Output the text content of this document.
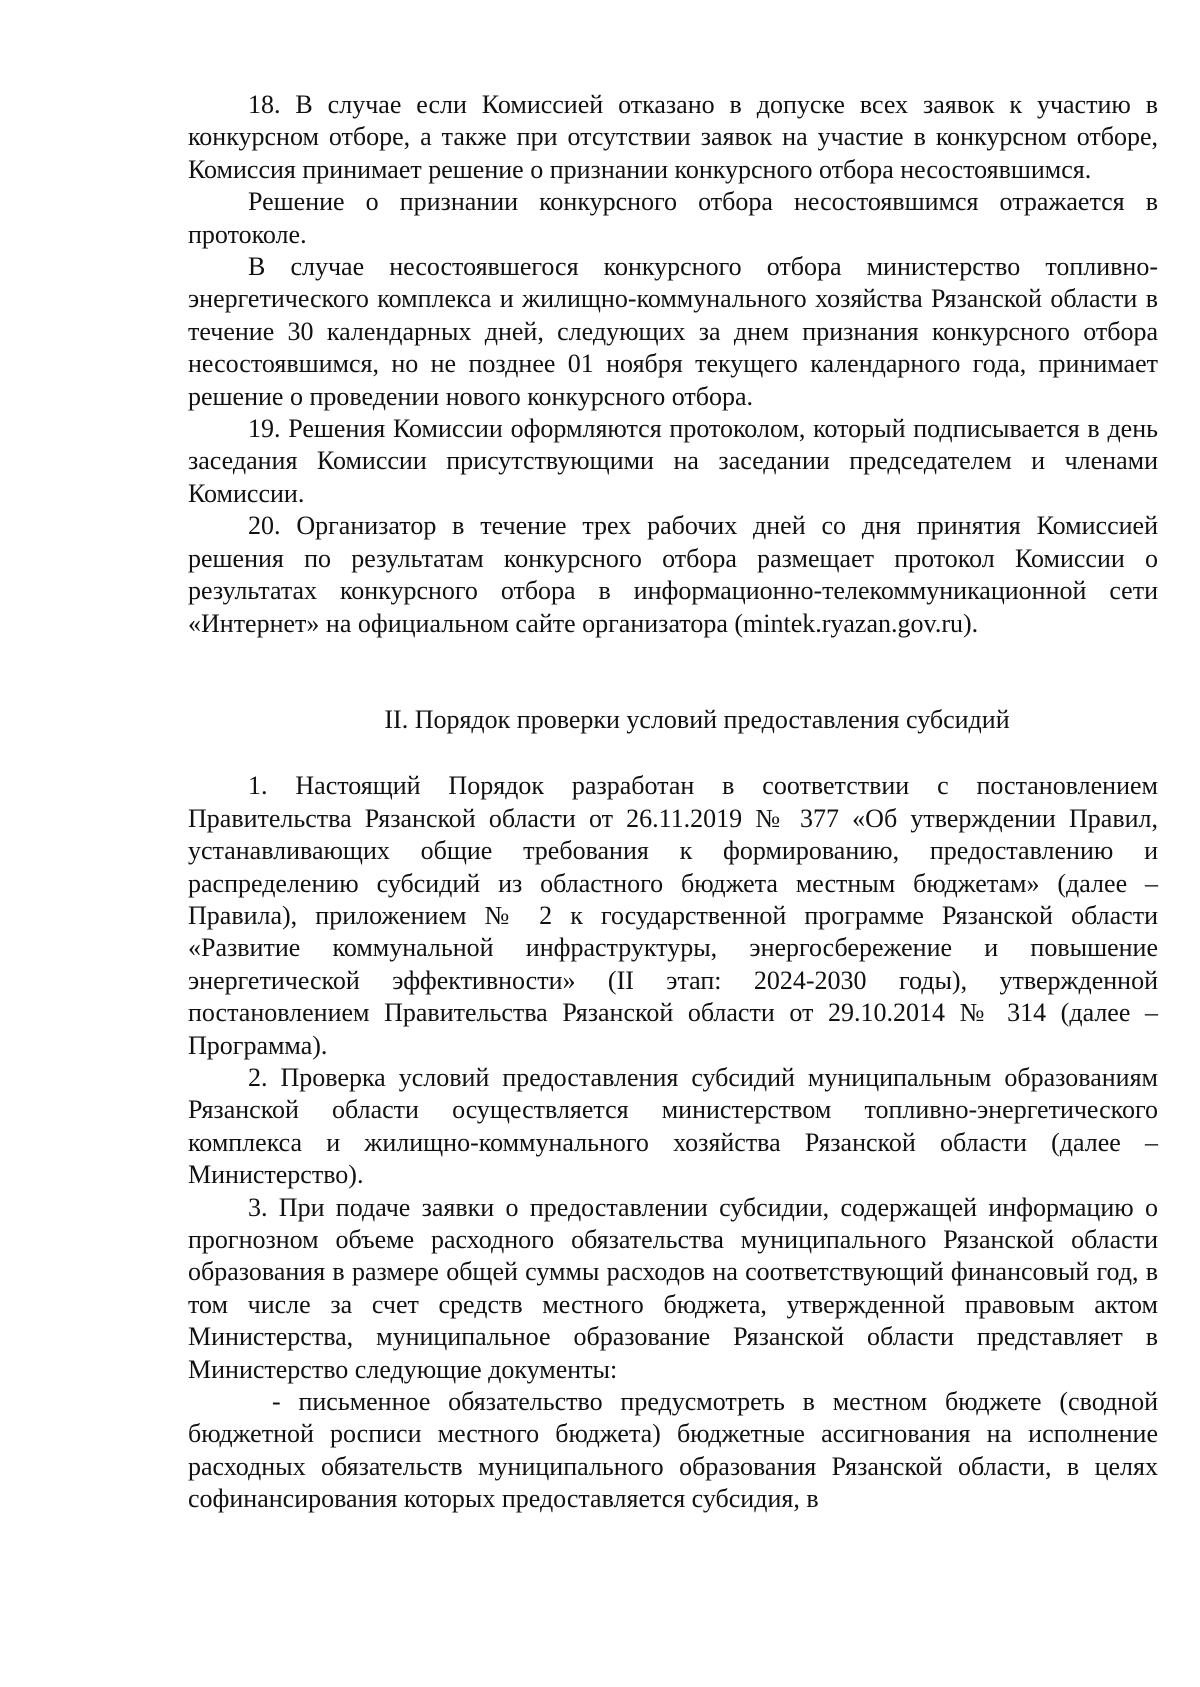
18. В случае если Комиссией отказано в допуске всех заявок к участию в конкурсном отборе, а также при отсутствии заявок на участие в конкурсном отборе, Комиссия принимает решение о признании конкурсного отбора несостоявшимся.

Решение о признании конкурсного отбора несостоявшимся отражается в протоколе.

В случае несостоявшегося конкурсного отбора министерство топливно-энергетического комплекса и жилищно-коммунального хозяйства Рязанской области в течение 30 календарных дней, следующих за днем признания конкурсного отбора несостоявшимся, но не позднее 01 ноября текущего календарного года, принимает решение о проведении нового конкурсного отбора.

19. Решения Комиссии оформляются протоколом, который подписывается в день заседания Комиссии присутствующими на заседании председателем и членами Комиссии.

20. Организатор в течение трех рабочих дней со дня принятия Комиссией решения по результатам конкурсного отбора размещает протокол Комиссии о результатах конкурсного отбора в информационно-телекоммуникационной сети «Интернет» на официальном сайте организатора (mintek.ryazan.gov.ru).

II. Порядок проверки условий предоставления субсидий

1. Настоящий Порядок разработан в соответствии с постановлением Правительства Рязанской области от 26.11.2019 № 377 «Об утверждении Правил, устанавливающих общие требования к формированию, предоставлению и распределению субсидий из областного бюджета местным бюджетам» (далее – Правила), приложением № 2 к государственной программе Рязанской области «Развитие коммунальной инфраструктуры, энергосбережение и повышение энергетической эффективности» (II этап: 2024-2030 годы), утвержденной постановлением Правительства Рязанской области от 29.10.2014 № 314 (далее – Программа).

2. Проверка условий предоставления субсидий муниципальным образованиям Рязанской области осуществляется министерством топливно-энергетического комплекса и жилищно-коммунального хозяйства Рязанской области (далее – Министерство).

3. При подаче заявки о предоставлении субсидии, содержащей информацию о прогнозном объеме расходного обязательства муниципального Рязанской области образования в размере общей суммы расходов на соответствующий финансовый год, в том числе за счет средств местного бюджета, утвержденной правовым актом Министерства, муниципальное образование Рязанской области представляет в Министерство следующие документы:

- письменное обязательство предусмотреть в местном бюджете (сводной бюджетной росписи местного бюджета) бюджетные ассигнования на исполнение расходных обязательств муниципального образования Рязанской области, в целях софинансирования которых предоставляется субсидия, в
